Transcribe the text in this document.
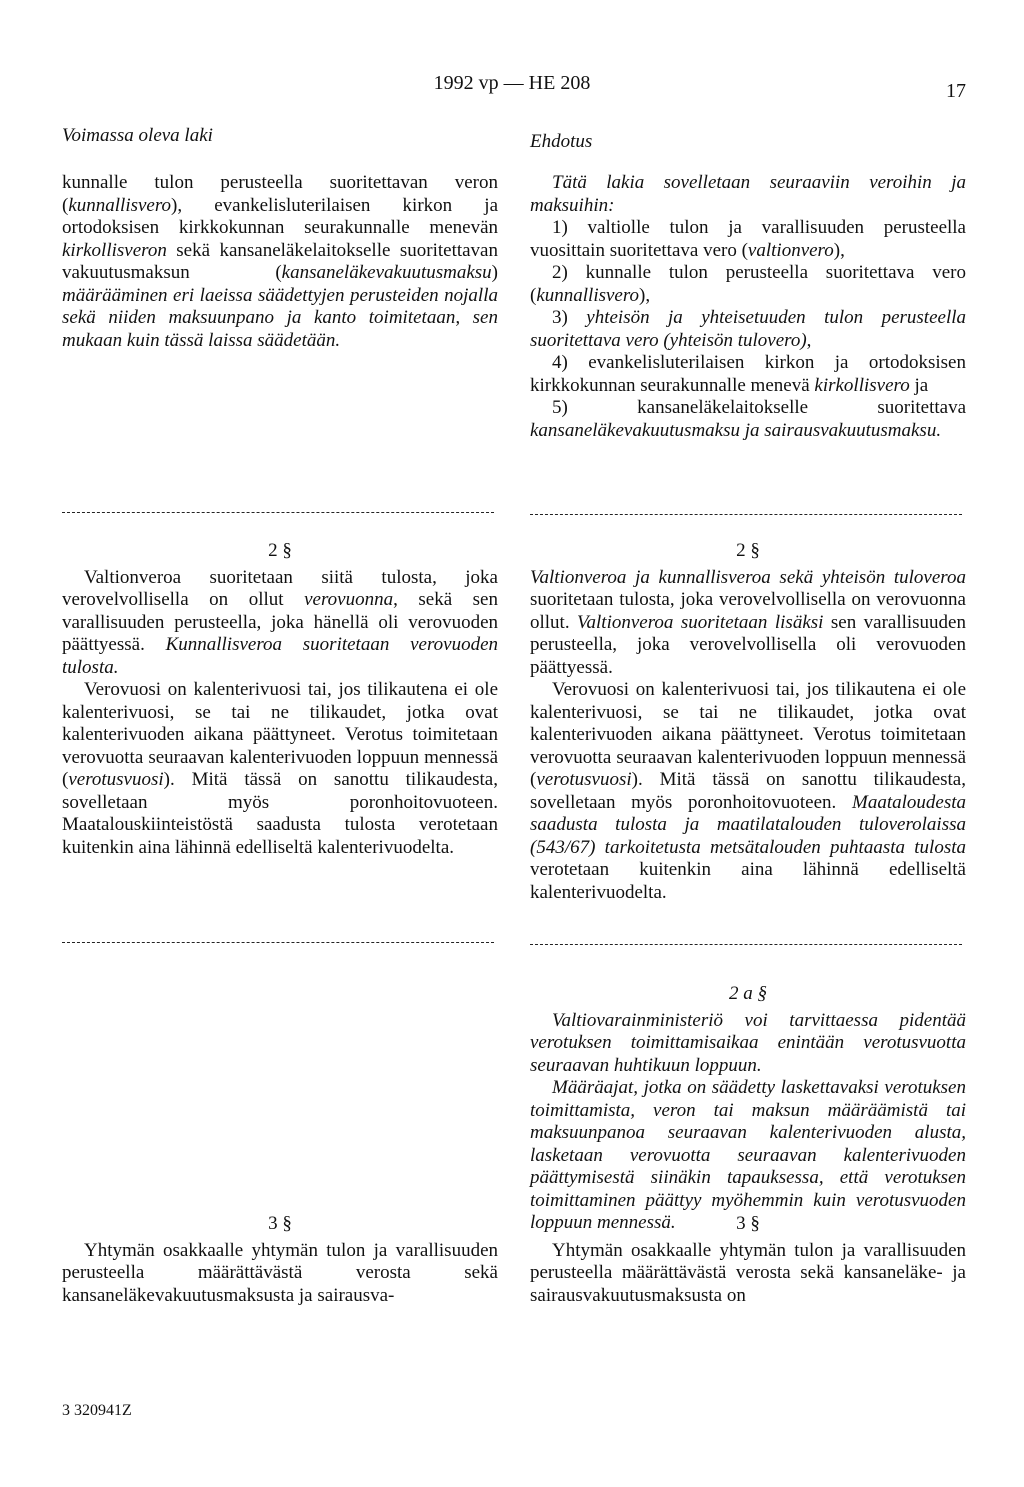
1992 vp — HE 208	17
Voimassa oleva laki	Ehdotus

kunnalle tulon perusteella suoritettavan veron (kunnallisvero), evankelisluterilaisen kirkon ja ortodoksisen kirkkokunnan seurakunnalle menevän kirkollisveron sekä kansaneläkelaitokselle suoritettavan vakuutusmaksun (kansaneläkevakuutusmaksu) määrääminen eri laeissa säädettyjen perusteiden nojalla sekä niiden maksuunpano ja kanto toimitetaan, sen mukaan kuin tässä laissa säädetään.

2 §

Valtionveroa suoritetaan siitä tulosta, joka verovelvollisella on ollut verovuonna, sekä sen varallisuuden perusteella, joka hänellä oli verovuoden päättyessä. Kunnallisveroa suoritetaan verovuoden tulosta.

Verovuosi on kalenterivuosi tai, jos tilikautena ei ole kalenterivuosi, se tai ne tilikaudet, jotka ovat kalenterivuoden aikana päättyneet. Verotus toimitetaan verovuotta seuraavan kalenterivuoden loppuun mennessä (verotusvuosi). Mitä tässä on sanottu tilikaudesta, sovelletaan myös poronhoitovuoteen. Maatalouskiinteistöstä saadusta tulosta verotetaan kuitenkin aina lähinnä edelliseltä kalenterivuodelta.

3 §

Yhtymän osakkaalle yhtymän tulon ja varallisuuden perusteella määrättävästä verosta sekä kansaneläkevakuutusmaksusta ja sairausva-

3 320941Z

Tätä lakia sovelletaan seuraaviin veroihin ja maksuihin:

1) valtiolle tulon ja varallisuuden perusteella vuosittain suoritettava vero (valtionvero),

2) kunnalle tulon perusteella suoritettava vero (kunnallisvero),

3) yhteisön ja yhteisetuuden tulon perusteella suoritettava vero (yhteisön tulovero),

4) evankelisluterilaisen kirkon ja ortodoksisen kirkkokunnan seurakunnalle menevä kirkollisvero ja

5) kansaneläkelaitokselle suoritettava kansaneläkevakuutusmaksu ja sairausvakuutusmaksu.

2 §

Valtionveroa ja kunnallisveroa sekä yhteisön tuloveroa suoritetaan tulosta, joka verovelvollisella on verovuonna ollut. Valtionveroa suoritetaan lisäksi sen varallisuuden perusteella, joka verovelvollisella oli verovuoden päättyessä.

Verovuosi on kalenterivuosi tai, jos tilikautena ei ole kalenterivuosi, se tai ne tilikaudet, jotka ovat kalenterivuoden aikana päättyneet. Verotus toimitetaan verovuotta seuraavan kalenterivuoden loppuun mennessä (verotusvuosi). Mitä tässä on sanottu tilikaudesta, sovelletaan myös poronhoitovuoteen. Maataloudesta saadusta tulosta ja maatilatalouden tuloverolaissa (543/67) tarkoitetusta metsätalouden puhtaasta tulosta verotetaan kuitenkin aina lähinnä edelliseltä kalenterivuodelta.

2 a §

Valtiovarainministeriö voi tarvittaessa pidentää verotuksen toimittamisaikaa enintään verotusvuotta seuraavan huhtikuun loppuun.

Määräajat, jotka on säädetty laskettavaksi verotuksen toimittamista, veron tai maksun määräämistä tai maksuunpanoa seuraavan kalenterivuoden alusta, lasketaan verovuotta seuraavan kalenterivuoden päättymisestä siinäkin tapauksessa, että verotuksen toimittaminen päättyy myöhemmin kuin verotusvuoden loppuun mennessä.	3 §

Yhtymän osakkaalle yhtymän tulon ja varallisuuden perusteella määrättävästä verosta sekä kansaneläke- ja sairausvakuutusmaksusta on
